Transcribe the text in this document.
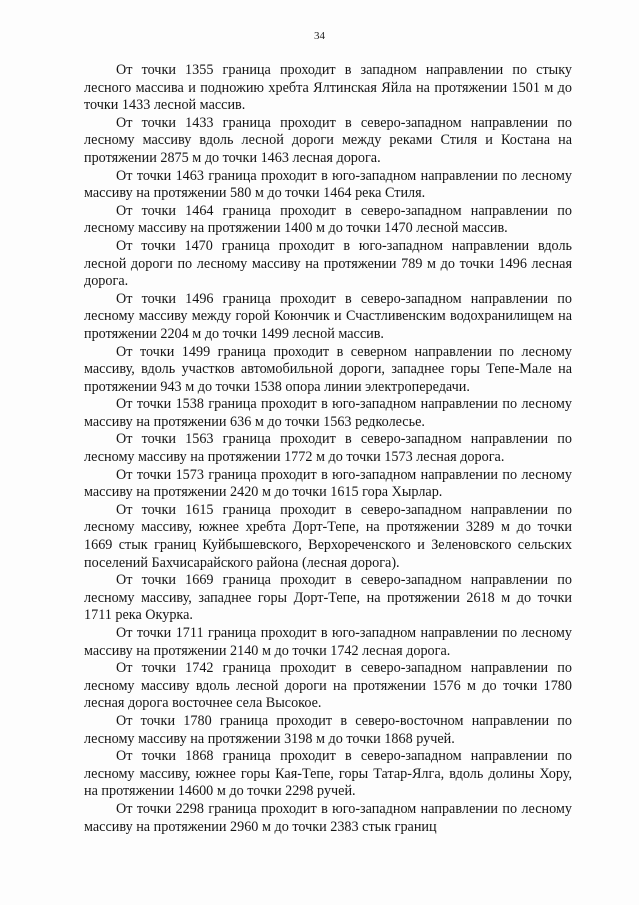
34

От точки 1355 граница проходит в западном направлении по стыку лесного массива и подножию хребта Ялтинская Яйла на протяжении 1501 м до точки 1433 лесной массив.

От точки 1433 граница проходит в северо-западном направлении по лесному массиву вдоль лесной дороги между реками Стиля и Костана на протяжении 2875 м до точки 1463 лесная дорога.

От точки 1463 граница проходит в юго-западном направлении по лесному массиву на протяжении 580 м до точки 1464 река Стиля.

От точки 1464 граница проходит в северо-западном направлении по лесному массиву на протяжении 1400 м до точки 1470 лесной массив.

От точки 1470 граница проходит в юго-западном направлении вдоль лесной дороги по лесному массиву на протяжении 789 м до точки 1496 лесная дорога.

От точки 1496 граница проходит в северо-западном направлении по лесному массиву между горой Коюнчик и Счастливенским водохранилищем на протяжении 2204 м до точки 1499 лесной массив.

От точки 1499 граница проходит в северном направлении по лесному массиву, вдоль участков автомобильной дороги, западнее горы Тепе-Мале на протяжении 943 м до точки 1538 опора линии электропередачи.

От точки 1538 граница проходит в юго-западном направлении по лесному массиву на протяжении 636 м до точки 1563 редколесье.

От точки 1563 граница проходит в северо-западном направлении по лесному массиву на протяжении 1772 м до точки 1573 лесная дорога.

От точки 1573 граница проходит в юго-западном направлении по лесному массиву на протяжении 2420 м до точки 1615 гора Хырлар.

От точки 1615 граница проходит в северо-западном направлении по лесному массиву, южнее хребта Дорт-Тепе, на протяжении 3289 м до точки 1669 стык границ Куйбышевского, Верхореченского и Зеленовского сельских поселений Бахчисарайского района (лесная дорога).

От точки 1669 граница проходит в северо-западном направлении по лесному массиву, западнее горы Дорт-Тепе, на протяжении 2618 м до точки 1711 река Окурка.

От точки 1711 граница проходит в юго-западном направлении по лесному массиву на протяжении 2140 м до точки 1742 лесная дорога.

От точки 1742 граница проходит в северо-западном направлении по лесному массиву вдоль лесной дороги на протяжении 1576 м до точки 1780 лесная дорога восточнее села Высокое.

От точки 1780 граница проходит в северо-восточном направлении по лесному массиву на протяжении 3198 м до точки 1868 ручей.

От точки 1868 граница проходит в северо-западном направлении по лесному массиву, южнее горы Кая-Тепе, горы Татар-Ялга, вдоль долины Хору, на протяжении 14600 м до точки 2298 ручей.

От точки 2298 граница проходит в юго-западном направлении по лесному массиву на протяжении 2960 м до точки 2383 стык границ
